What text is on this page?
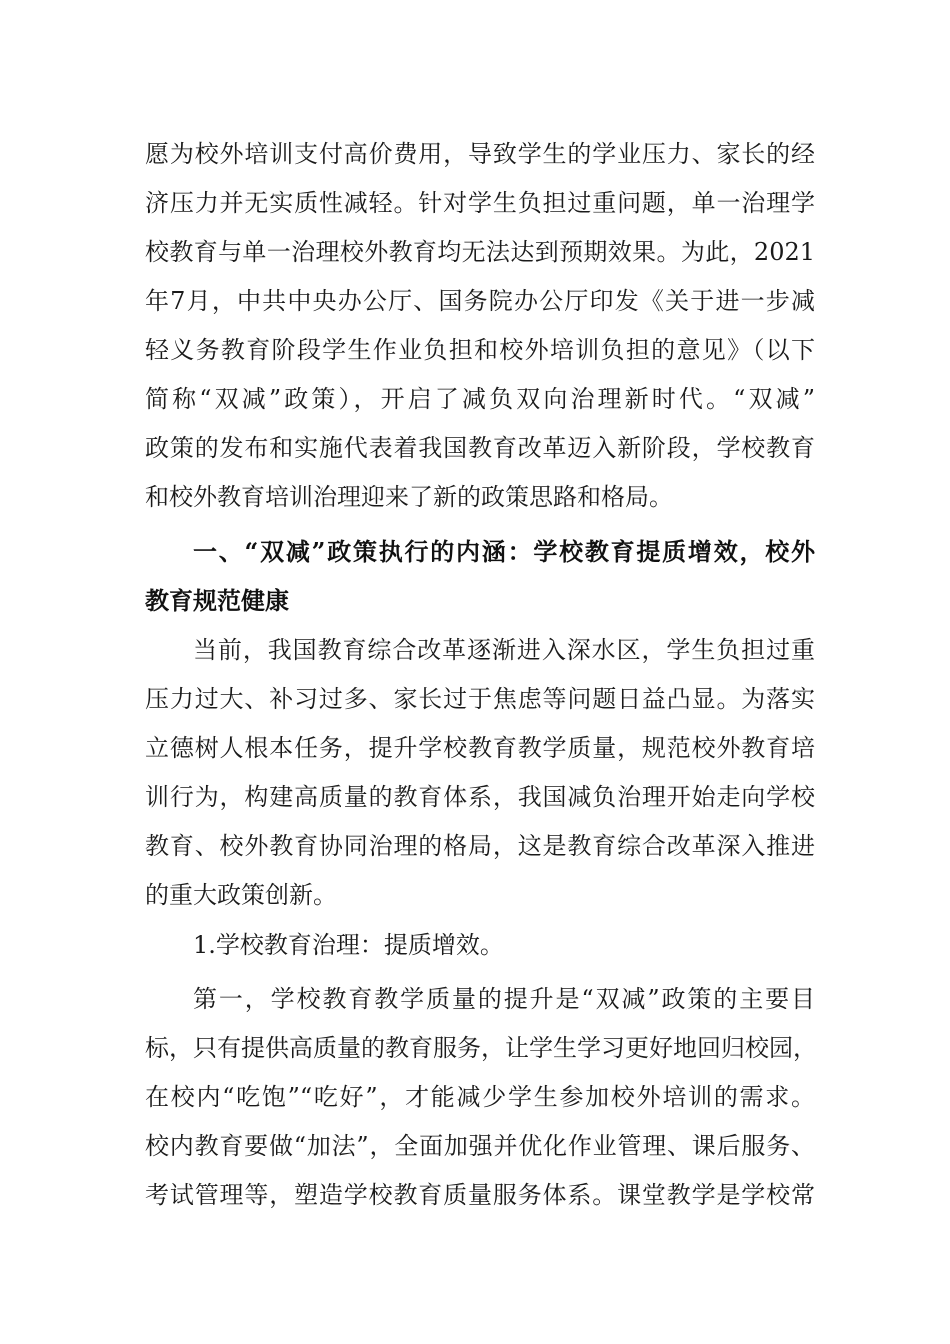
愿为校外培训支付高价费用，导致学生的学业压力、家长的经
济压力并无实质性减轻。针对学生负担过重问题，单一治理学
校教育与单一治理校外教育均无法达到预期效果。为此，2021
年7月，中共中央办公厅、国务院办公厅印发《关于进一步减
轻义务教育阶段学生作业负担和校外培训负担的意见》（以下
简称“双减”政策），开启了减负双向治理新时代。“双减”
政策的发布和实施代表着我国教育改革迈入新阶段，学校教育
和校外教育培训治理迎来了新的政策思路和格局。
一、“双减”政策执行的内涵：学校教育提质增效，校外
教育规范健康
当前，我国教育综合改革逐渐进入深水区，学生负担过重
压力过大、补习过多、家长过于焦虑等问题日益凸显。为落实
立德树人根本任务，提升学校教育教学质量，规范校外教育培
训行为，构建高质量的教育体系，我国减负治理开始走向学校
教育、校外教育协同治理的格局，这是教育综合改革深入推进
的重大政策创新。
1.学校教育治理：提质增效。
第一，学校教育教学质量的提升是“双减”政策的主要目
标，只有提供高质量的教育服务，让学生学习更好地回归校园，
在校内“吃饱”“吃好”，才能减少学生参加校外培训的需求。
校内教育要做“加法”，全面加强并优化作业管理、课后服务、
考试管理等，塑造学校教育质量服务体系。课堂教学是学校常
